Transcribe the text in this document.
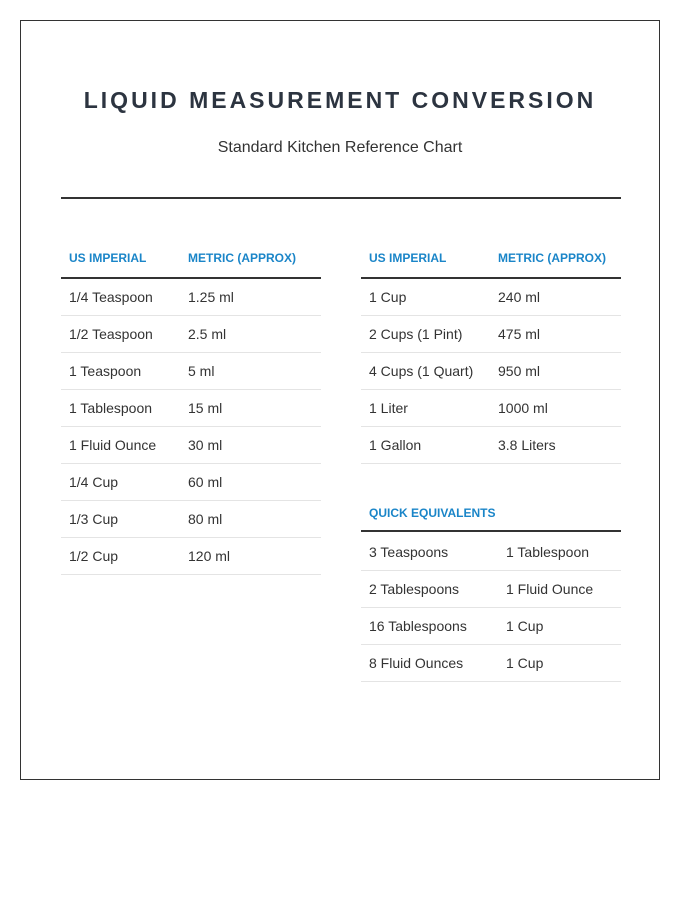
LIQUID MEASUREMENT CONVERSION

Standard Kitchen Reference Chart

US IMPERIAL	METRIC (APPROX)
1/4 Teaspoon	1.25 ml
1/2 Teaspoon	2.5 ml
1 Teaspoon	5 ml
1 Tablespoon	15 ml
1 Fluid Ounce	30 ml
1/4 Cup	60 ml
1/3 Cup	80 ml
1/2 Cup	120 ml
US IMPERIAL	METRIC (APPROX)
1 Cup	240 ml
2 Cups (1 Pint)	475 ml
4 Cups (1 Quart)	950 ml
1 Liter	1000 ml
1 Gallon	3.8 Liters
QUICK EQUIVALENTS
3 Teaspoons	1 Tablespoon
2 Tablespoons	1 Fluid Ounce
16 Tablespoons	1 Cup
8 Fluid Ounces	1 Cup
